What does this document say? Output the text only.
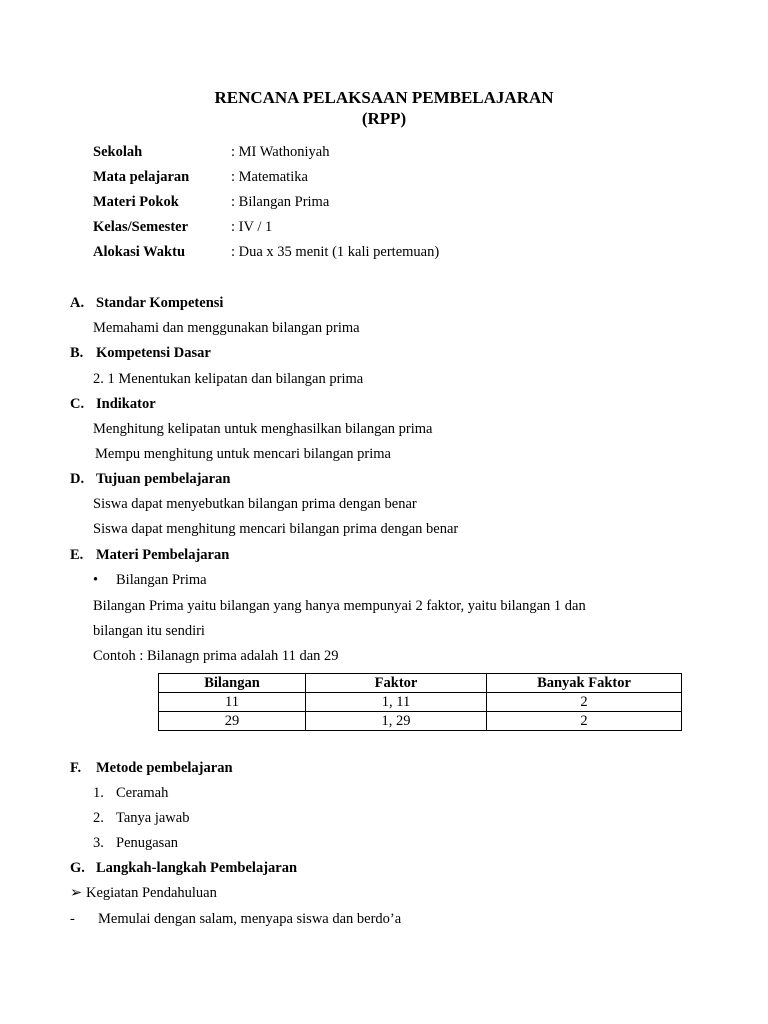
RENCANA PELAKSAAN PEMBELAJARAN
(RPP)
Sekolah	: MI Wathoniyah
Mata pelajaran	: Matematika
Materi Pokok	: Bilangan Prima
Kelas/Semester	: IV / 1
Alokasi Waktu	: Dua x 35 menit (1 kali pertemuan)
A. Standar Kompetensi
Memahami dan menggunakan bilangan prima
B. Kompetensi Dasar
2. 1 Menentukan kelipatan dan bilangan prima
C. Indikator
Menghitung kelipatan untuk menghasilkan bilangan prima
Mempu menghitung untuk mencari bilangan prima
D. Tujuan pembelajaran
Siswa dapat menyebutkan bilangan prima dengan benar
Siswa dapat menghitung mencari bilangan prima dengan benar
E. Materi Pembelajaran
• Bilangan Prima
Bilangan Prima yaitu bilangan yang hanya mempunyai 2 faktor, yaitu bilangan 1 dan
bilangan itu sendiri
Contoh : Bilanagn prima adalah 11 dan 29
Bilangan	Faktor	Banyak Faktor
11	1, 11	2
29	1, 29	2
F. Metode pembelajaran
1. Ceramah
2. Tanya jawab
3. Penugasan
G. Langkah-langkah Pembelajaran
➢ Kegiatan Pendahuluan
- Memulai dengan salam, menyapa siswa dan berdo’a
